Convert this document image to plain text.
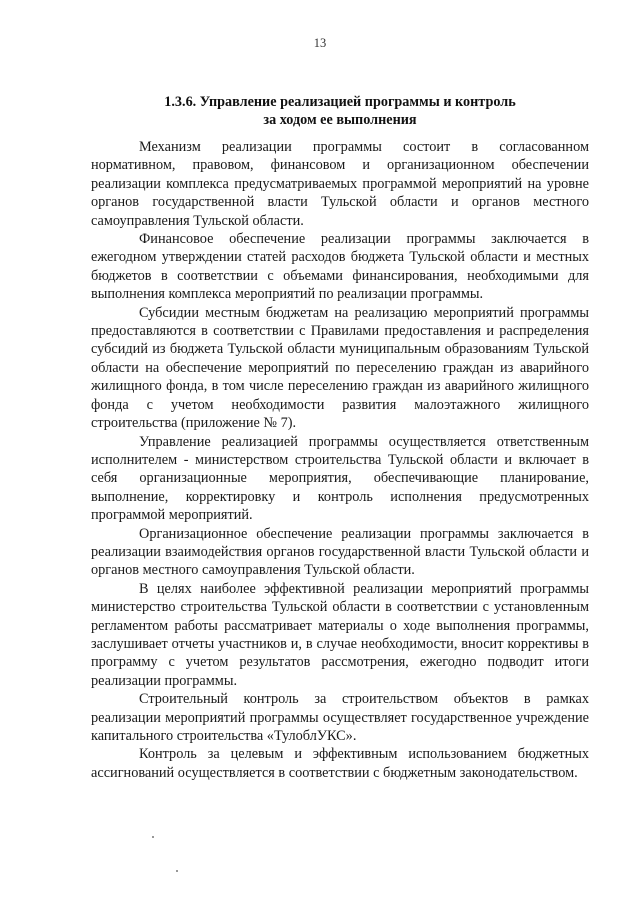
13
1.3.6. Управление реализацией программы и контроль
за ходом ее выполнения

Механизм реализации программы состоит в согласованном нормативном, правовом, финансовом и организационном обеспечении реализации комплекса предусматриваемых программой мероприятий на уровне органов государственной власти Тульской области и органов местного самоуправления Тульской области.

Финансовое обеспечение реализации программы заключается в ежегодном утверждении статей расходов бюджета Тульской области и местных бюджетов в соответствии с объемами финансирования, необходимыми для выполнения комплекса мероприятий по реализации программы.

Субсидии местным бюджетам на реализацию мероприятий программы предоставляются в соответствии с Правилами предоставления и распределения субсидий из бюджета Тульской области муниципальным образованиям Тульской области на обеспечение мероприятий по переселению граждан из аварийного жилищного фонда, в том числе переселению граждан из аварийного жилищного фонда с учетом необходимости развития малоэтажного жилищного строительства (приложение № 7).

Управление реализацией программы осуществляется ответственным исполнителем - министерством строительства Тульской области и включает в себя организационные мероприятия, обеспечивающие планирование, выполнение, корректировку и контроль исполнения предусмотренных программой мероприятий.

Организационное обеспечение реализации программы заключается в реализации взаимодействия органов государственной власти Тульской области и органов местного самоуправления Тульской области.

В целях наиболее эффективной реализации мероприятий программы министерство строительства Тульской области в соответствии с установленным регламентом работы рассматривает материалы о ходе выполнения программы, заслушивает отчеты участников и, в случае необходимости, вносит коррективы в программу с учетом результатов рассмотрения, ежегодно подводит итоги реализации программы.

Строительный контроль за строительством объектов в рамках реализации мероприятий программы осуществляет государственное учреждение капитального строительства «ТулоблУКС».

Контроль за целевым и эффективным использованием бюджетных ассигнований осуществляется в соответствии с бюджетным законодательством.
